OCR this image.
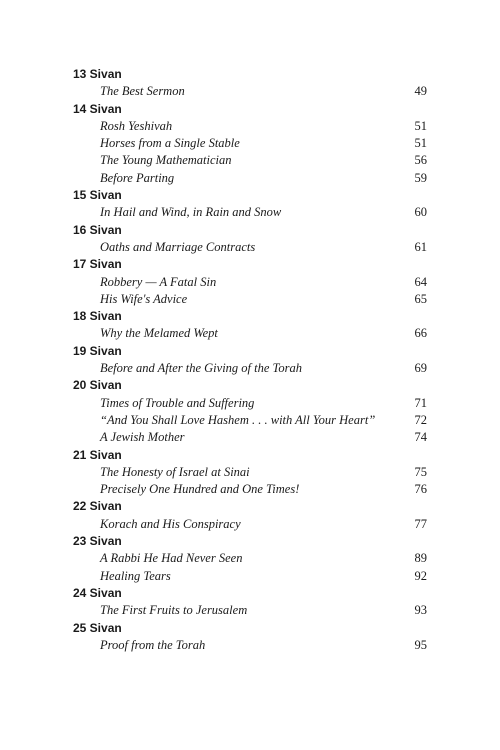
13 Sivan
The Best Sermon	49
14 Sivan
Rosh Yeshivah	51
Horses from a Single Stable	51
The Young Mathematician	56
Before Parting	59
15 Sivan
In Hail and Wind, in Rain and Snow	60
16 Sivan
Oaths and Marriage Contracts	61
17 Sivan
Robbery — A Fatal Sin	64
His Wife's Advice	65
18 Sivan
Why the Melamed Wept	66
19 Sivan
Before and After the Giving of the Torah	69
20 Sivan
Times of Trouble and Suffering	71
“And You Shall Love Hashem . . . with All Your Heart”	72
A Jewish Mother	74
21 Sivan
The Honesty of Israel at Sinai	75
Precisely One Hundred and One Times!	76
22 Sivan
Korach and His Conspiracy	77
23 Sivan
A Rabbi He Had Never Seen	89
Healing Tears	92
24 Sivan
The First Fruits to Jerusalem	93
25 Sivan
Proof from the Torah	95
